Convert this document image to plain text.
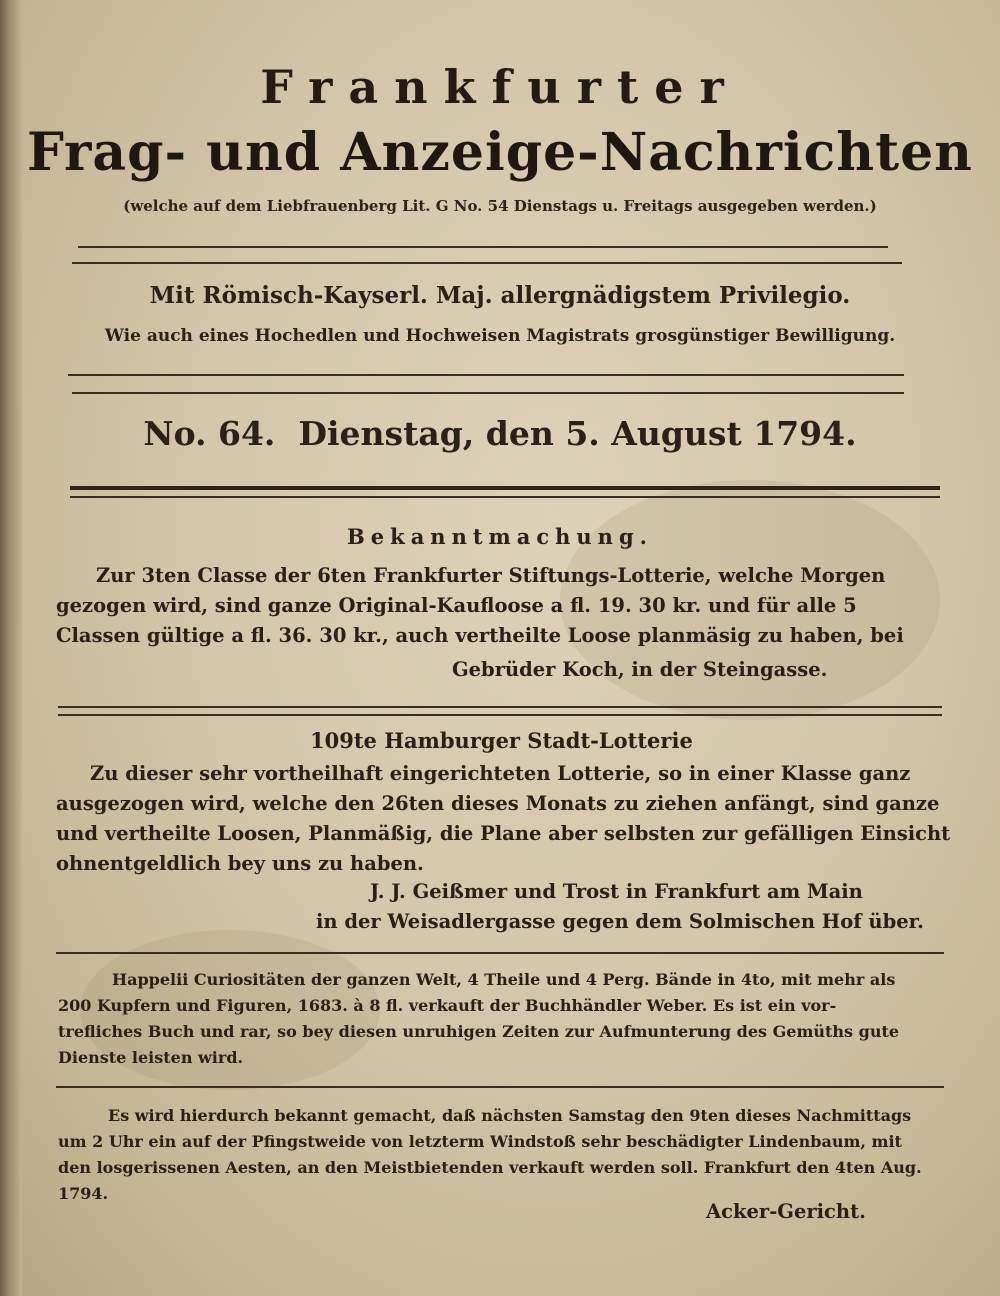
Frankfurter
Frag- und Anzeige-Nachrichten
(welche auf dem Liebfrauenberg Lit. G No. 54 Dienstags u. Freitags ausgegeben werden.)
Mit Römisch-Kayserl. Maj. allergnädigstem Privilegio.
Wie auch eines Hochedlen und Hochweisen Magistrats grosgünstiger Bewilligung.
No. 64. Dienstag, den 5. August 1794.
Bekanntmachung.
Zur 3ten Classe der 6ten Frankfurter Stiftungs-Lotterie, welche Morgen
gezogen wird, sind ganze Original-Kaufloose a fl. 19. 30 kr. und für alle 5
Classen gültige a fl. 36. 30 kr., auch vertheilte Loose planmäsig zu haben, bei
Gebrüder Koch, in der Steingasse.
109te Hamburger Stadt-Lotterie
Zu dieser sehr vortheilhaft eingerichteten Lotterie, so in einer Klasse ganz
ausgezogen wird, welche den 26ten dieses Monats zu ziehen anfängt, sind ganze
und vertheilte Loosen, Planmäßig, die Plane aber selbsten zur gefälligen Einsicht
ohnentgeldlich bey uns zu haben.
J. J. Geißmer und Trost in Frankfurt am Main
in der Weisadlergasse gegen dem Solmischen Hof über.
Happelii Curiositäten der ganzen Welt, 4 Theile und 4 Perg. Bände in 4to, mit mehr als
200 Kupfern und Figuren, 1683. à 8 fl. verkauft der Buchhändler Weber. Es ist ein vor-
trefliches Buch und rar, so bey diesen unruhigen Zeiten zur Aufmunterung des Gemüths gute
Dienste leisten wird.
Es wird hierdurch bekannt gemacht, daß nächsten Samstag den 9ten dieses Nachmittags
um 2 Uhr ein auf der Pfingstweide von letzterm Windstoß sehr beschädigter Lindenbaum, mit
den losgerissenen Aesten, an den Meistbietenden verkauft werden soll. Frankfurt den 4ten Aug.
1794.
Acker-Gericht.
